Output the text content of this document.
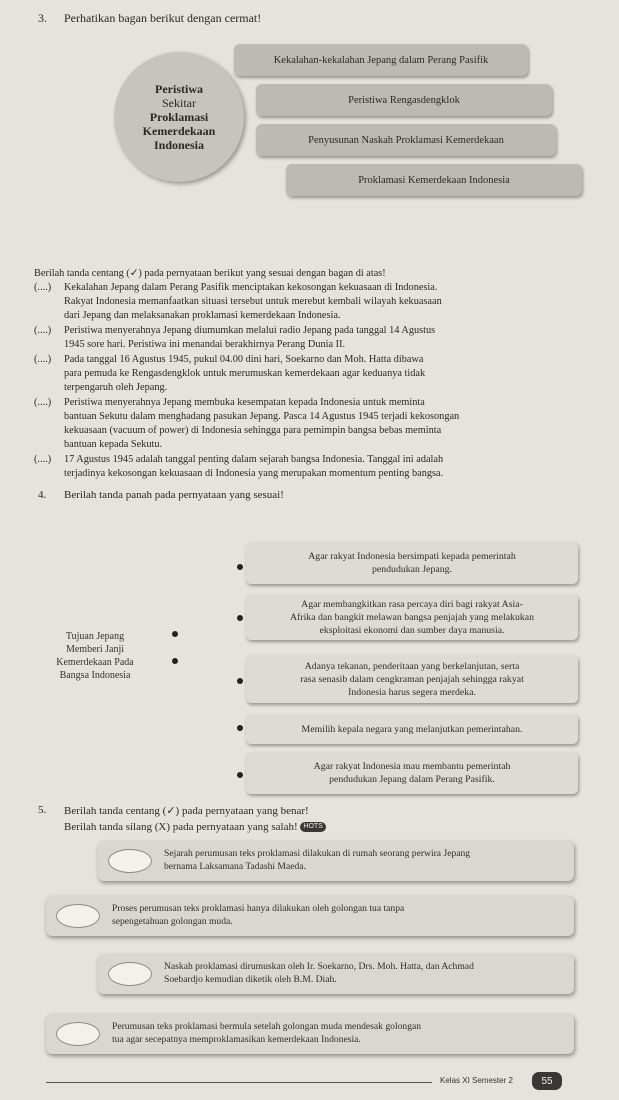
3. Perhatikan bagan berikut dengan cermat!
Kekalahan-kekalahan Jepang dalam Perang Pasifik
Peristiwa Rengasdengklok
Penyusunan Naskah Proklamasi Kemerdekaan
Proklamasi Kemerdekaan Indonesia
Peristiwa
Sekitar
Proklamasi
Kemerdekaan
Indonesia
Berilah tanda centang (✓) pada pernyataan berikut yang sesuai dengan bagan di atas!
(....) Kekalahan Jepang dalam Perang Pasifik menciptakan kekosongan kekuasaan di Indonesia.
Rakyat Indonesia memanfaatkan situasi tersebut untuk merebut kembali wilayah kekuasaan
dari Jepang dan melaksanakan proklamasi kemerdekaan Indonesia.
(....) Peristiwa menyerahnya Jepang diumumkan melalui radio Jepang pada tanggal 14 Agustus
1945 sore hari. Peristiwa ini menandai berakhirnya Perang Dunia II.
(....) Pada tanggal 16 Agustus 1945, pukul 04.00 dini hari, Soekarno dan Moh. Hatta dibawa
para pemuda ke Rengasdengklok untuk merumuskan kemerdekaan agar keduanya tidak
terpengaruh oleh Jepang.
(....) Peristiwa menyerahnya Jepang membuka kesempatan kepada Indonesia untuk meminta
bantuan Sekutu dalam menghadang pasukan Jepang. Pasca 14 Agustus 1945 terjadi kekosongan
kekuasaan (vacuum of power) di Indonesia sehingga para pemimpin bangsa bebas meminta
bantuan kepada Sekutu.
(....) 17 Agustus 1945 adalah tanggal penting dalam sejarah bangsa Indonesia. Tanggal ini adalah
terjadinya kekosongan kekuasaan di Indonesia yang merupakan momentum penting bangsa.
4. Berilah tanda panah pada pernyataan yang sesuai!
Tujuan Jepang
Memberi Janji
Kemerdekaan Pada
Bangsa Indonesia
Agar rakyat Indonesia bersimpati kepada pemerintah
pendudukan Jepang.
Agar membangkitkan rasa percaya diri bagi rakyat Asia-
Afrika dan bangkit melawan bangsa penjajah yang melakukan
eksploitasi ekonomi dan sumber daya manusia.
Adanya tekanan, penderitaan yang berkelanjutan, serta
rasa senasib dalam cengkraman penjajah sehingga rakyat
Indonesia harus segera merdeka.
Memilih kepala negara yang melanjutkan pemerintahan.
Agar rakyat Indonesia mau membantu pemerintah
pendudukan Jepang dalam Perang Pasifik.
5. Berilah tanda centang (✓) pada pernyataan yang benar!
Berilah tanda silang (X) pada pernyataan yang salah! HOTS
Sejarah perumusan teks proklamasi dilakukan di rumah seorang perwira Jepang
bernama Laksamana Tadashi Maeda.
Proses perumusan teks proklamasi hanya dilakukan oleh golongan tua tanpa
sepengetahuan golongan muda.
Naskah proklamasi dirumuskan oleh Ir. Soekarno, Drs. Moh. Hatta, dan Achmad
Soebardjo kemudian diketik oleh B.M. Diah.
Perumusan teks proklamasi bermula setelah golongan muda mendesak golongan
tua agar secepatnya memproklamasikan kemerdekaan Indonesia.
Kelas XI Semester 2	55
